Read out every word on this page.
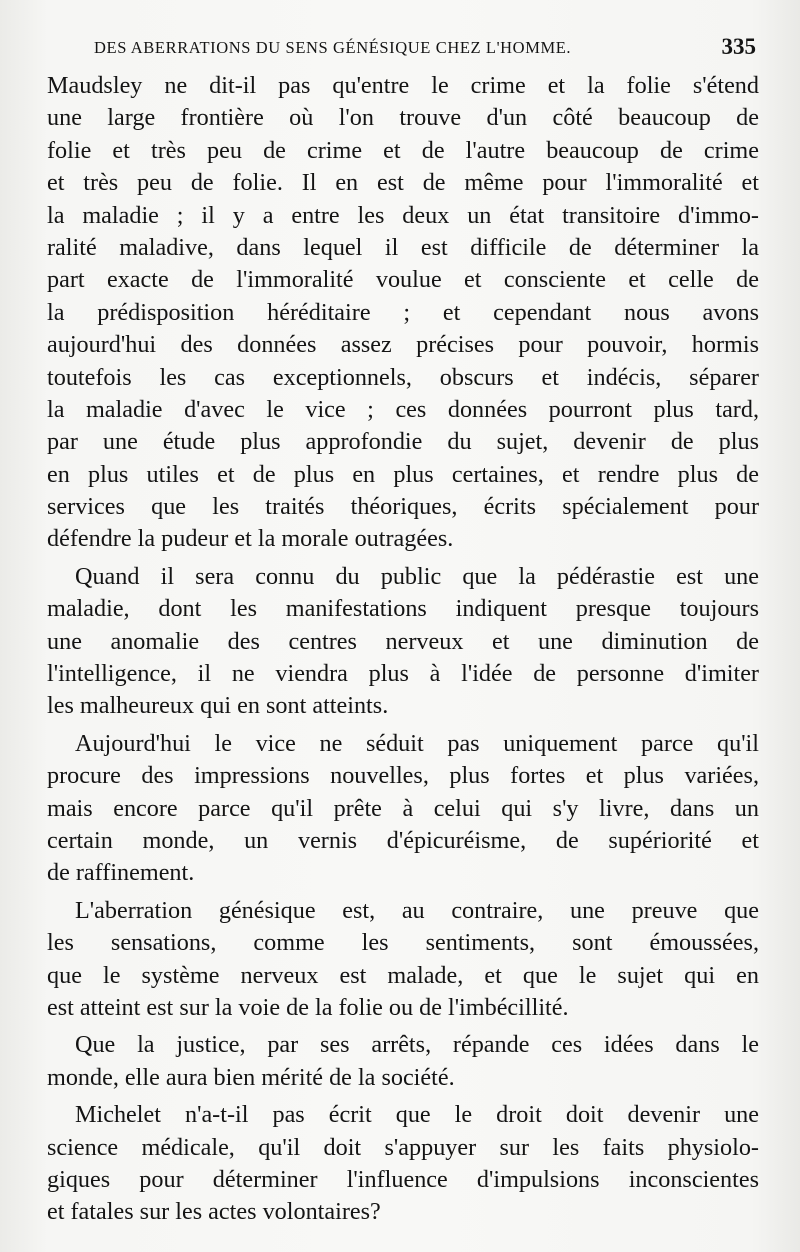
DES ABERRATIONS DU SENS GÉNÉSIQUE CHEZ L'HOMME.	335
Maudsley ne dit-il pas qu'entre le crime et la folie s'étend
une large frontière où l'on trouve d'un côté beaucoup de
folie et très peu de crime et de l'autre beaucoup de crime
et très peu de folie. Il en est de même pour l'immoralité et
la maladie ; il y a entre les deux un état transitoire d'immo-
ralité maladive, dans lequel il est difficile de déterminer la
part exacte de l'immoralité voulue et consciente et celle de
la prédisposition héréditaire ; et cependant nous avons
aujourd'hui des données assez précises pour pouvoir, hormis
toutefois les cas exceptionnels, obscurs et indécis, séparer
la maladie d'avec le vice ; ces données pourront plus tard,
par une étude plus approfondie du sujet, devenir de plus
en plus utiles et de plus en plus certaines, et rendre plus de
services que les traités théoriques, écrits spécialement pour
défendre la pudeur et la morale outragées.
Quand il sera connu du public que la pédérastie est une
maladie, dont les manifestations indiquent presque toujours
une anomalie des centres nerveux et une diminution de
l'intelligence, il ne viendra plus à l'idée de personne d'imiter
les malheureux qui en sont atteints.
Aujourd'hui le vice ne séduit pas uniquement parce qu'il
procure des impressions nouvelles, plus fortes et plus variées,
mais encore parce qu'il prête à celui qui s'y livre, dans un
certain monde, un vernis d'épicuréisme, de supériorité et
de raffinement.
L'aberration génésique est, au contraire, une preuve que
les sensations, comme les sentiments, sont émoussées,
que le système nerveux est malade, et que le sujet qui en
est atteint est sur la voie de la folie ou de l'imbécillité.
Que la justice, par ses arrêts, répande ces idées dans le
monde, elle aura bien mérité de la société.
Michelet n'a-t-il pas écrit que le droit doit devenir une
science médicale, qu'il doit s'appuyer sur les faits physiolo-
giques pour déterminer l'influence d'impulsions inconscientes
et fatales sur les actes volontaires?
